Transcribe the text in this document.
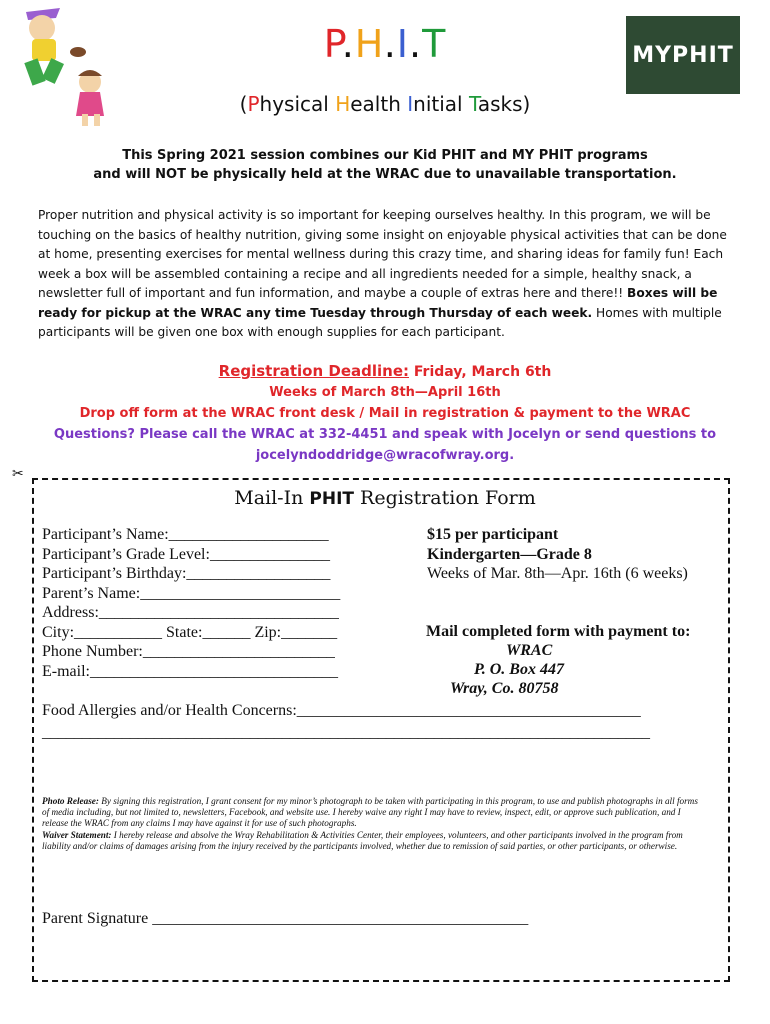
P.H.I.T
(Physical Health Initial Tasks)
MYPHIT
This Spring 2021 session combines our Kid PHIT and MY PHIT programs
and will NOT be physically held at the WRAC due to unavailable transportation.
Proper nutrition and physical activity is so important for keeping ourselves healthy. In this program, we will be touching on the basics of healthy nutrition, giving some insight on enjoyable physical activities that can be done at home, presenting exercises for mental wellness during this crazy time, and sharing ideas for family fun! Each week a box will be assembled containing a recipe and all ingredients needed for a simple, healthy snack, a newsletter full of important and fun information, and maybe a couple of extras here and there!! Boxes will be ready for pickup at the WRAC any time Tuesday through Thursday of each week. Homes with multiple participants will be given one box with enough supplies for each participant.
Registration Deadline: Friday, March 6th
Weeks of March 8th—April 16th
Drop off form at the WRAC front desk / Mail in registration & payment to the WRAC
Questions? Please call the WRAC at 332-4451 and speak with Jocelyn or send questions to
jocelyndoddridge@wracofwray.org.
✂
Mail-In PHIT Registration Form
Participant’s Name:____________________
Participant’s Grade Level:_______________
Participant’s Birthday:__________________
Parent’s Name:_________________________
Address:______________________________
City:___________ State:______ Zip:_______
Phone Number:________________________
E-mail:_______________________________
$15 per participant
Kindergarten—Grade 8
Weeks of Mar. 8th—Apr. 16th (6 weeks)
Mail completed form with payment to:
WRAC
P. O. Box 447
Wray, Co. 80758
Food Allergies and/or Health Concerns:___________________________________________
____________________________________________________________________________
Photo Release: By signing this registration, I grant consent for my minor’s photograph to be taken with participating in this program, to use and publish photographs in all forms of media including, but not limited to, newsletters, Facebook, and website use. I hereby waive any right I may have to review, inspect, edit, or approve such publication, and I release the WRAC from any claims I may have against it for use of such photographs.
Waiver Statement: I hereby release and absolve the Wray Rehabilitation & Activities Center, their employees, volunteers, and other participants involved in the program from liability and/or claims of damages arising from the injury received by the participants involved, whether due to remission of said parties, or other participants, or otherwise.
Parent Signature _______________________________________________
